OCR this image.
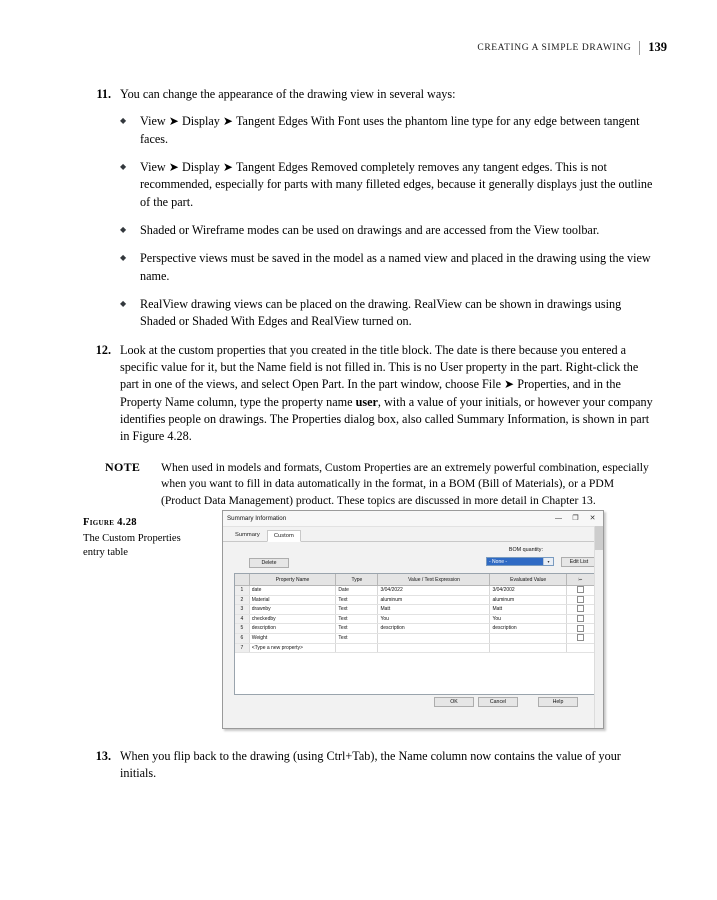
CREATING A SIMPLE DRAWING	139
11. You can change the appearance of the drawing view in several ways:
◆	View ➤ Display ➤ Tangent Edges With Font uses the phantom line type for any edge between tangent faces.
◆	View ➤ Display ➤ Tangent Edges Removed completely removes any tangent edges. This is not recommended, especially for parts with many filleted edges, because it generally displays just the outline of the part.
◆	Shaded or Wireframe modes can be used on drawings and are accessed from the View toolbar.
◆	Perspective views must be saved in the model as a named view and placed in the drawing using the view name.
◆	RealView drawing views can be placed on the drawing. RealView can be shown in drawings using Shaded or Shaded With Edges and RealView turned on.
12. Look at the custom properties that you created in the title block. The date is there because you entered a specific value for it, but the Name field is not filled in. This is no User property in the part. Right-click the part in one of the views, and select Open Part. In the part window, choose File ➤ Properties, and in the Property Name column, type the property name user, with a value of your initials, or however your company identifies people on drawings. The Properties dialog box, also called Summary Information, is shown in part in Figure 4.28.
NOTE	When used in models and formats, Custom Properties are an extremely powerful combination, especially when you want to fill in data automatically in the format, in a BOM (Bill of Materials), or a PDM (Product Data Management) product. These topics are discussed in more detail in Chapter 13.
Figure 4.28
The Custom Properties entry table
Summary Information	—	❐	✕
Summary	Custom
Delete
BOM quantity:
- None -	▾	Edit List
	Property Name	Type	Value / Text Expression	Evaluated Value	⌲
1	date	Date	3/04/2022	3/04/2002	
2	Material	Text	aluminum	aluminum	
3	drawnby	Text	Matt	Matt	
4	checkedby	Text	You	You	
5	description	Text	description	description	
6	Weight	Text			
7	<Type a new property>				
OK	Cancel	Help
13. When you flip back to the drawing (using Ctrl+Tab), the Name column now contains the value of your initials.
